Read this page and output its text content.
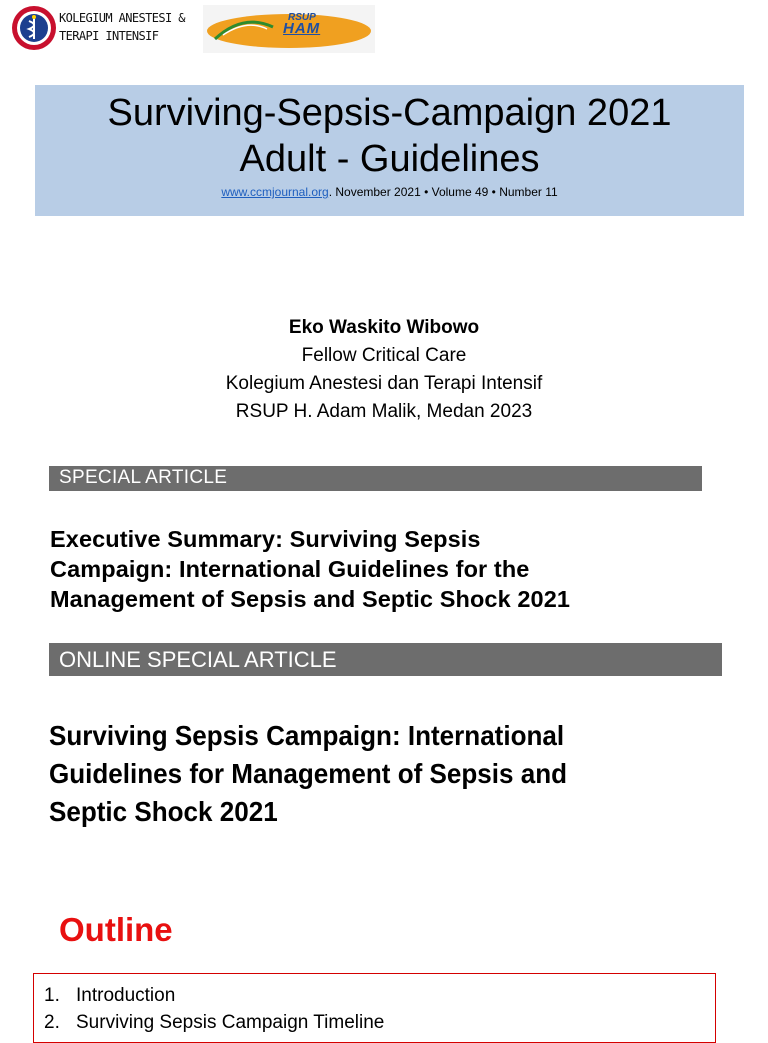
KOLEGIUM ANESTESI &
TERAPI INTENSIF
RSUP
HAM
Surviving-Sepsis-Campaign 2021
Adult - Guidelines
www.ccmjournal.org. November 2021 • Volume 49 • Number 11
Eko Waskito Wibowo
Fellow Critical Care
Kolegium Anestesi dan Terapi Intensif
RSUP H. Adam Malik, Medan 2023
SPECIAL ARTICLE
Executive Summary: Surviving Sepsis
Campaign: International Guidelines for the
Management of Sepsis and Septic Shock 2021
ONLINE SPECIAL ARTICLE
Surviving Sepsis Campaign: International
Guidelines for Management of Sepsis and
Septic Shock 2021
Outline
1. Introduction
2. Surviving Sepsis Campaign Timeline
